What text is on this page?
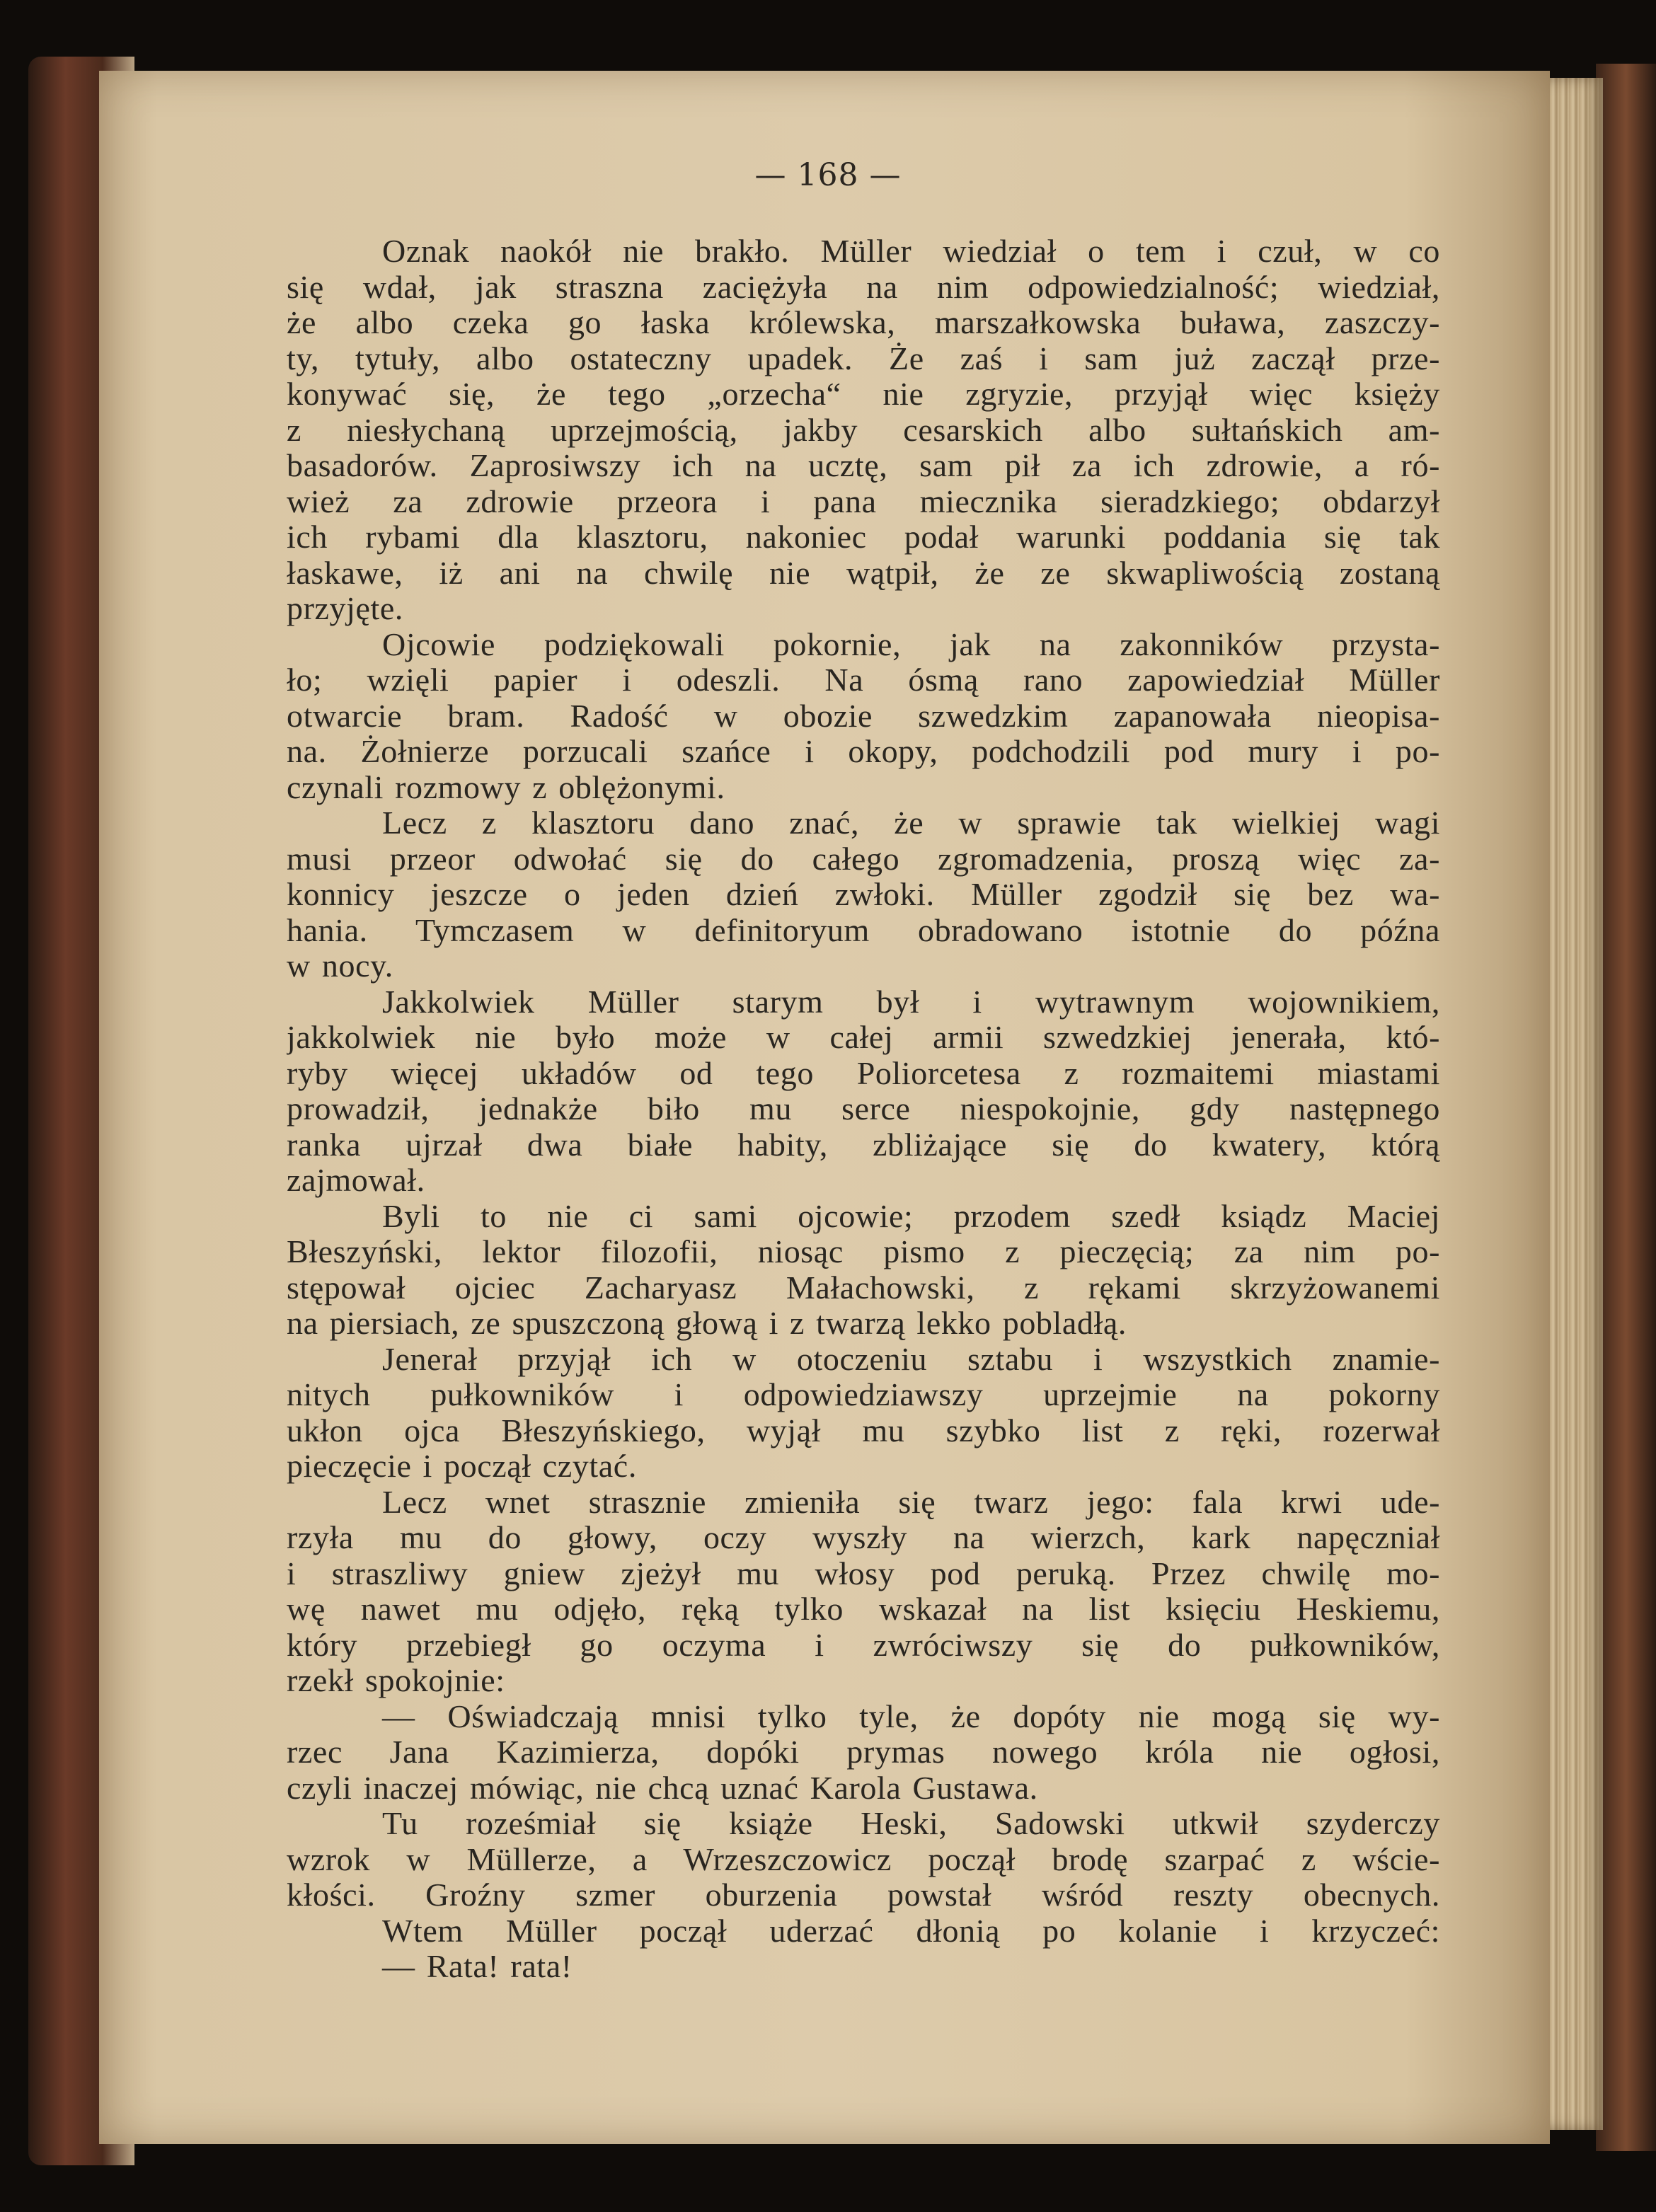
— 168 —
Oznak naokół nie brakło. Müller wiedział o tem i czuł, w co
się wdał, jak straszna zaciężyła na nim odpowiedzialność; wiedział,
że albo czeka go łaska królewska, marszałkowska buława, zaszczy-
ty, tytuły, albo ostateczny upadek. Że zaś i sam już zaczął prze-
konywać się, że tego „orzecha“ nie zgryzie, przyjął więc księży
z niesłychaną uprzejmością, jakby cesarskich albo sułtańskich am-
basadorów. Zaprosiwszy ich na ucztę, sam pił za ich zdrowie, a ró-
wież za zdrowie przeora i pana miecznika sieradzkiego; obdarzył
ich rybami dla klasztoru, nakoniec podał warunki poddania się tak
łaskawe, iż ani na chwilę nie wątpił, że ze skwapliwością zostaną
przyjęte.
Ojcowie podziękowali pokornie, jak na zakonników przysta-
ło; wzięli papier i odeszli. Na ósmą rano zapowiedział Müller
otwarcie bram. Radość w obozie szwedzkim zapanowała nieopisa-
na. Żołnierze porzucali szańce i okopy, podchodzili pod mury i po-
czynali rozmowy z oblężonymi.
Lecz z klasztoru dano znać, że w sprawie tak wielkiej wagi
musi przeor odwołać się do całego zgromadzenia, proszą więc za-
konnicy jeszcze o jeden dzień zwłoki. Müller zgodził się bez wa-
hania. Tymczasem w definitoryum obradowano istotnie do późna
w nocy.
Jakkolwiek Müller starym był i wytrawnym wojownikiem,
jakkolwiek nie było może w całej armii szwedzkiej jenerała, któ-
ryby więcej układów od tego Poliorcetesa z rozmaitemi miastami
prowadził, jednakże biło mu serce niespokojnie, gdy następnego
ranka ujrzał dwa białe habity, zbliżające się do kwatery, którą
zajmował.
Byli to nie ci sami ojcowie; przodem szedł ksiądz Maciej
Błeszyński, lektor filozofii, niosąc pismo z pieczęcią; za nim po-
stępował ojciec Zacharyasz Małachowski, z rękami skrzyżowanemi
na piersiach, ze spuszczoną głową i z twarzą lekko pobladłą.
Jenerał przyjął ich w otoczeniu sztabu i wszystkich znamie-
nitych pułkowników i odpowiedziawszy uprzejmie na pokorny
ukłon ojca Błeszyńskiego, wyjął mu szybko list z ręki, rozerwał
pieczęcie i począł czytać.
Lecz wnet strasznie zmieniła się twarz jego: fala krwi ude-
rzyła mu do głowy, oczy wyszły na wierzch, kark napęczniał
i straszliwy gniew zjeżył mu włosy pod peruką. Przez chwilę mo-
wę nawet mu odjęło, ręką tylko wskazał na list księciu Heskiemu,
który przebiegł go oczyma i zwróciwszy się do pułkowników,
rzekł spokojnie:
— Oświadczają mnisi tylko tyle, że dopóty nie mogą się wy-
rzec Jana Kazimierza, dopóki prymas nowego króla nie ogłosi,
czyli inaczej mówiąc, nie chcą uznać Karola Gustawa.
Tu roześmiał się książe Heski, Sadowski utkwił szyderczy
wzrok w Müllerze, a Wrzeszczowicz począł brodę szarpać z wście-
kłości. Groźny szmer oburzenia powstał wśród reszty obecnych.
Wtem Müller począł uderzać dłonią po kolanie i krzyczeć:
— Rata! rata!
